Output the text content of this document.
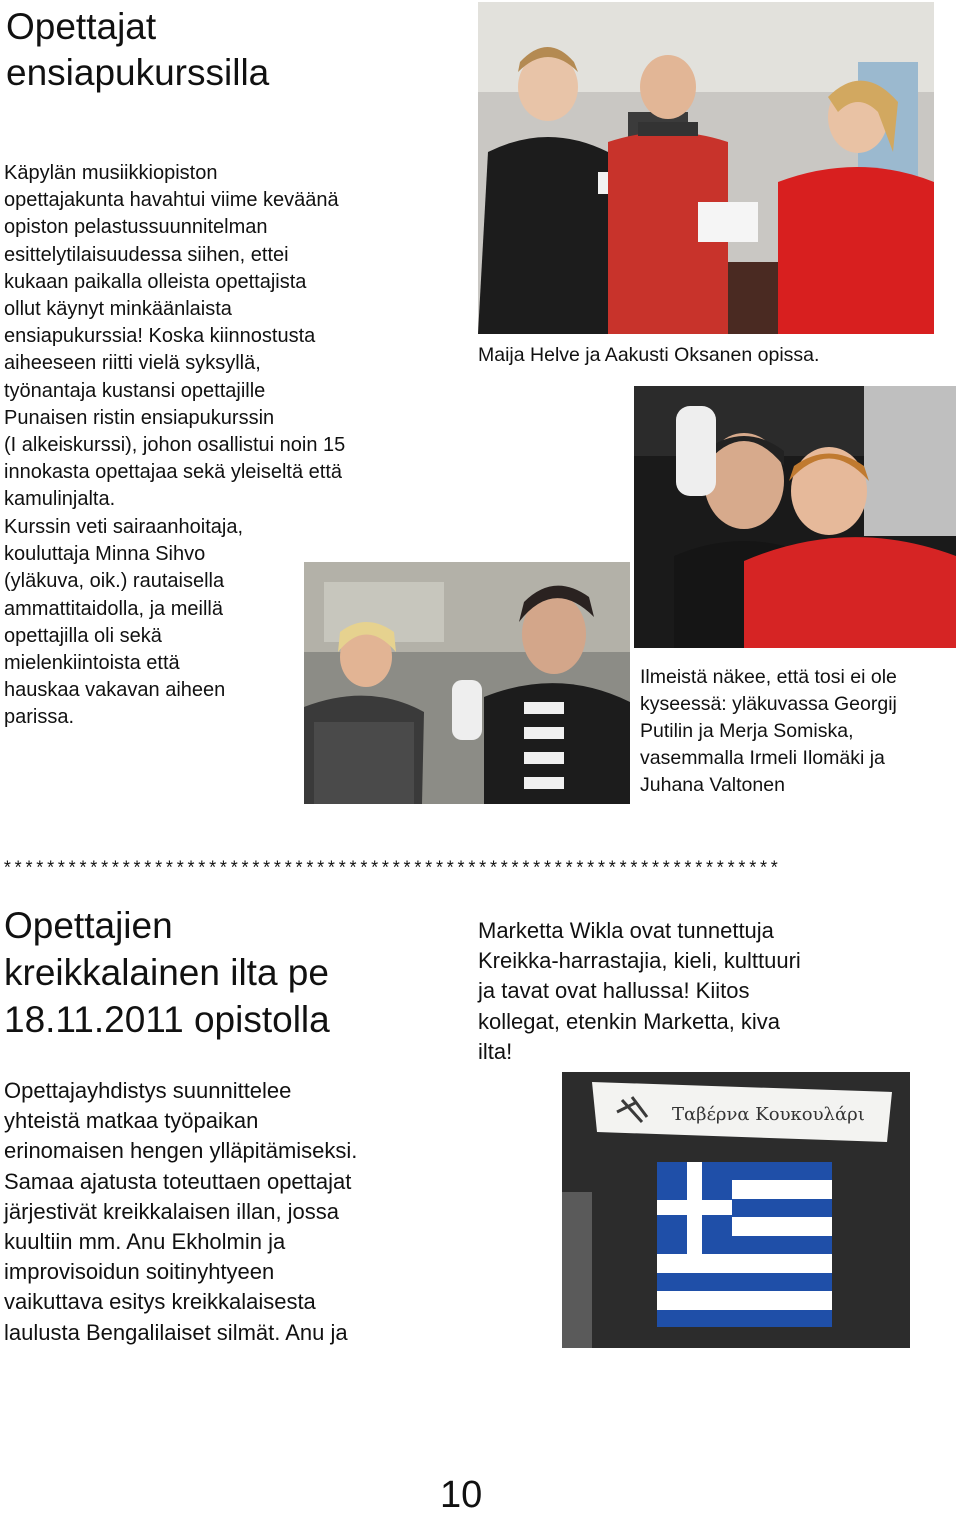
Opettajat
ensiapukurssilla
Käpylän musiikkiopiston
opettajakunta havahtui viime keväänä
opiston pelastussuunnitelman
esittelytilaisuudessa siihen, ettei
kukaan paikalla olleista opettajista
ollut käynyt minkäänlaista
ensiapukurssia! Koska kiinnostusta
aiheeseen riitti vielä syksyllä,
työnantaja kustansi opettajille
Punaisen ristin ensiapukurssin
(I alkeiskurssi), johon osallistui noin 15
innokasta opettajaa sekä yleiseltä että
kamulinjalta.
Kurssin veti sairaanhoitaja,
kouluttaja Minna Sihvo
(yläkuva, oik.) rautaisella
ammattitaidolla, ja meillä
opettajilla oli sekä
mielenkiintoista että
hauskaa vakavan aiheen
parissa.
Maija Helve ja Aakusti Oksanen opissa.
Ilmeistä näkee, että tosi ei ole
kyseessä: yläkuvassa Georgij
Putilin ja Merja Somiska,
vasemmalla Irmeli Ilomäki ja
Juhana Valtonen
************************************************************************
Opettajien
kreikkalainen ilta pe
18.11.2011 opistolla
Opettajayhdistys suunnittelee
yhteistä matkaa työpaikan
erinomaisen hengen ylläpitämiseksi.
Samaa ajatusta toteuttaen opettajat
järjestivät kreikkalaisen illan, jossa
kuultiin mm. Anu Ekholmin ja
improvisoidun soitinyhtyeen
vaikuttava esitys kreikkalaisesta
laulusta Bengalilaiset silmät. Anu ja
Marketta Wikla ovat tunnettuja
Kreikka-harrastajia, kieli, kulttuuri
ja tavat ovat hallussa! Kiitos
kollegat, etenkin Marketta, kiva
ilta!
Ταβέρνα Κουκουλάρι
10
